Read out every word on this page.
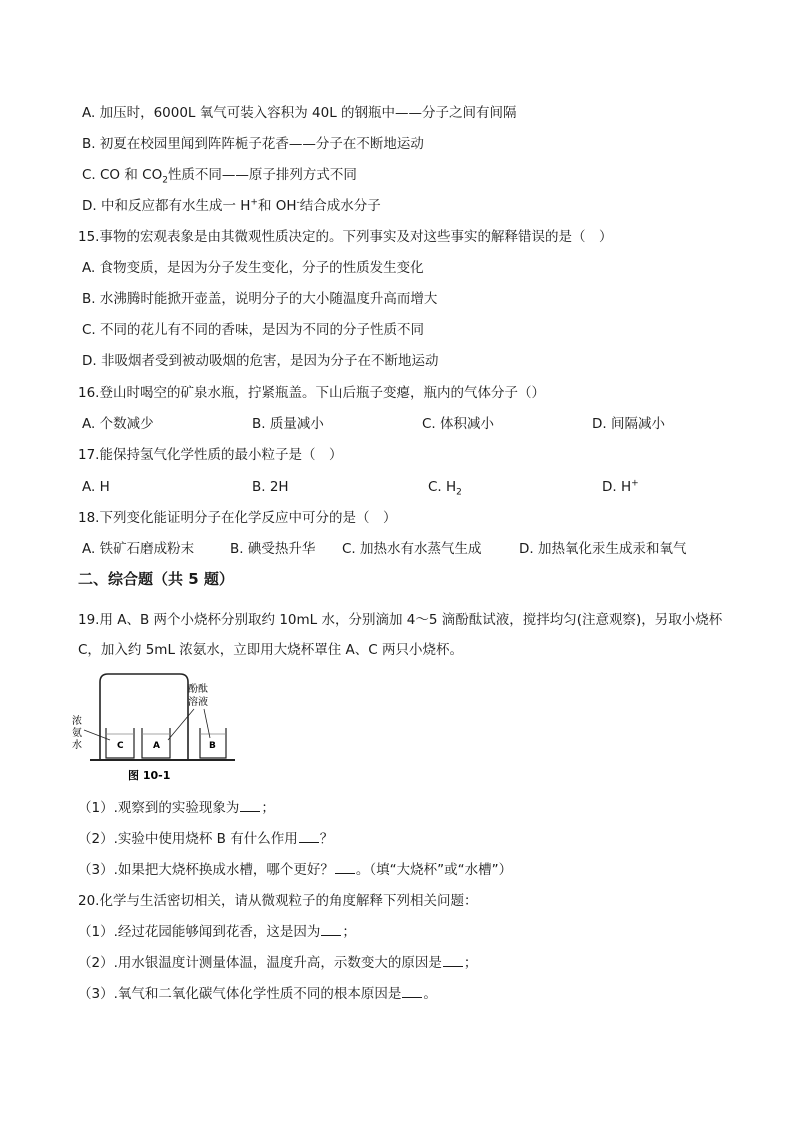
A. 加压时，6000L 氧气可装入容积为 40L 的钢瓶中——分子之间有间隔
B. 初夏在校园里闻到阵阵栀子花香——分子在不断地运动
C. CO 和 $CO_2$性质不同——原子排列方式不同
D. 中和反应都有水生成一 H+和 OH-结合成水分子
15.事物的宏观表象是由其微观性质决定的。下列事实及对这些事实的解释错误的是（　）
A. 食物变质，是因为分子发生变化，分子的性质发生变化
B. 水沸腾时能掀开壶盖，说明分子的大小随温度升高而增大
C. 不同的花儿有不同的香味，是因为不同的分子性质不同
D. 非吸烟者受到被动吸烟的危害，是因为分子在不断地运动
16.登山时喝空的矿泉水瓶，拧紧瓶盖。下山后瓶子变瘪，瓶内的气体分子（）
A. 个数减少	B. 质量减小	C. 体积减小	D. 间隔减小
17.能保持氢气化学性质的最小粒子是（　）
A. H	B. 2H	C. $H_2$	D. H+
18.下列变化能证明分子在化学反应中可分的是（　）
A. 铁矿石磨成粉末	B. 碘受热升华 C. 加热水有水蒸气生成	D. 加热氧化汞生成汞和氧气
二、综合题（共 5 题）
19.用 A、B 两个小烧杯分别取约 10mL 水，分别滴加 4～5 滴酚酞试液，搅拌均匀(注意观察)，另取小烧杯
C，加入约 5mL 浓氨水，立即用大烧杯罩住 A、C 两只小烧杯。
C	A	B
浓
氨
水
酚酞
溶液
图 10-1
（1）.观察到的实验现象为 ；
（2）.实验中使用烧杯 B 有什么作用 ？
（3）.如果把大烧杯换成水槽，哪个更好？ 。（填“大烧杯”或“水槽”）
20.化学与生活密切相关，请从微观粒子的角度解释下列相关问题：
（1）.经过花园能够闻到花香，这是因为 ；
（2）.用水银温度计测量体温，温度升高，示数变大的原因是 ；
（3）.氧气和二氧化碳气体化学性质不同的根本原因是 。
